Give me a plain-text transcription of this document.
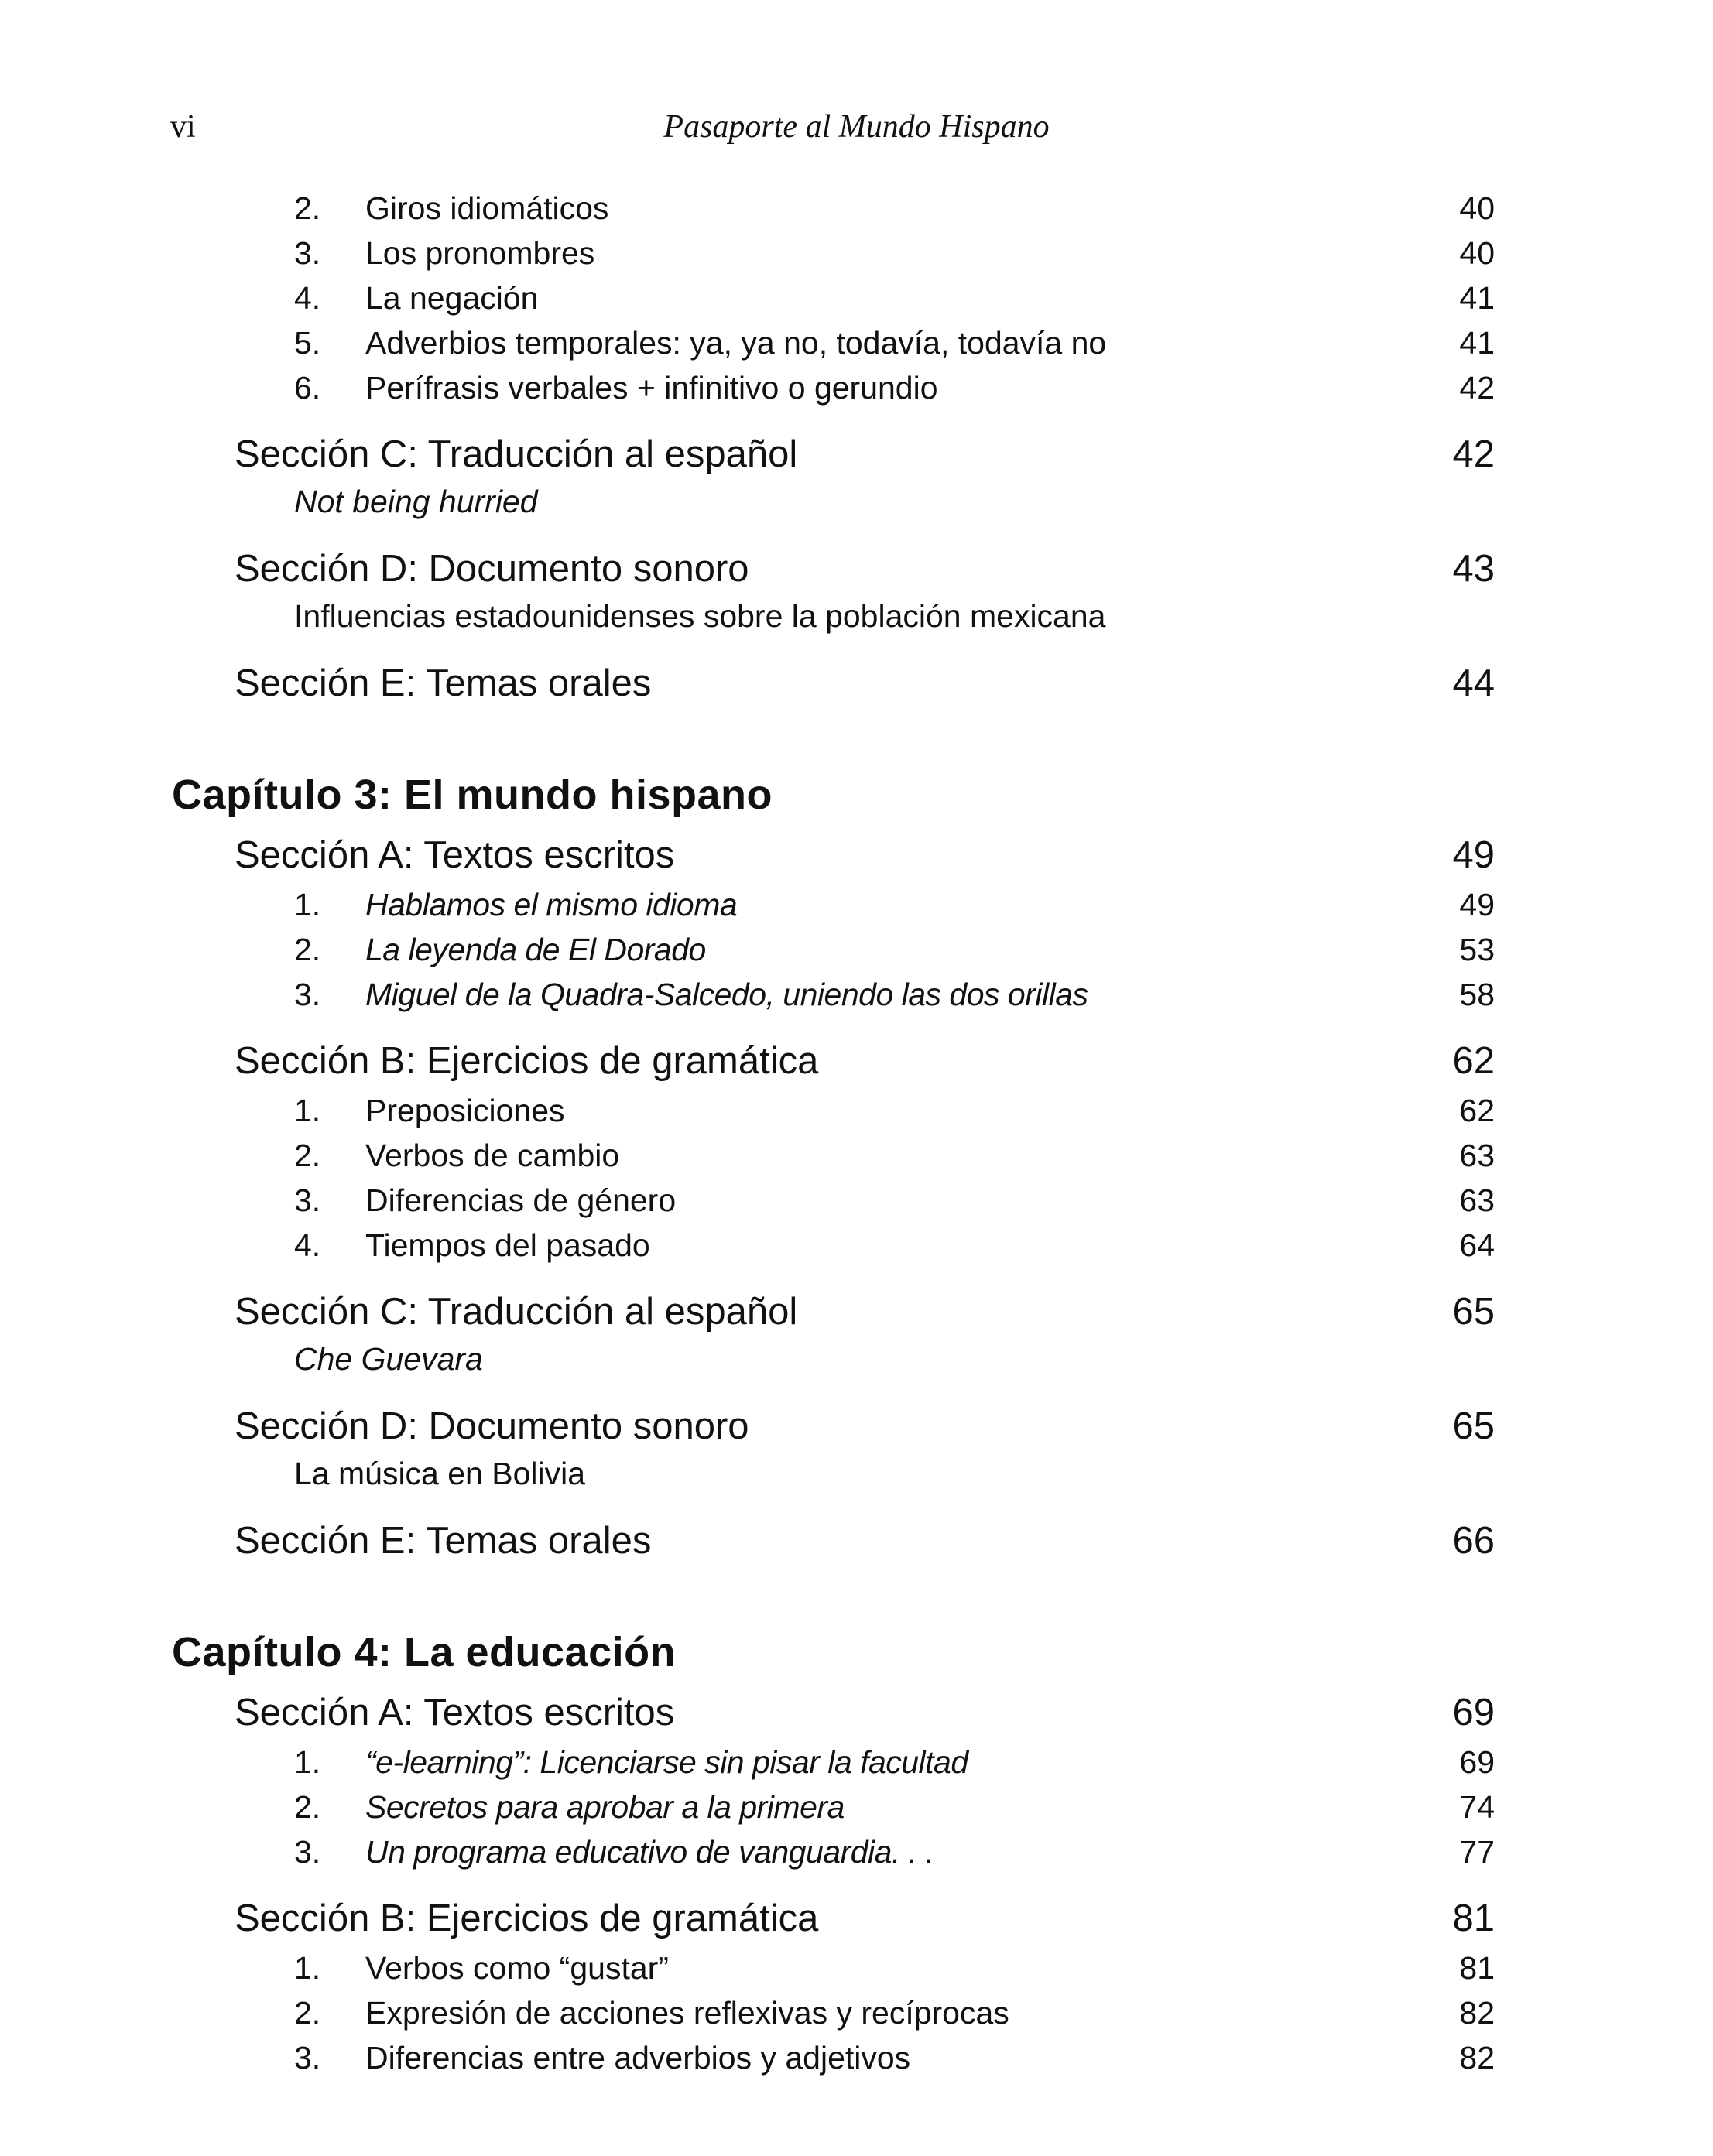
vi	Pasaporte al Mundo Hispano
2. Giros idiomáticos	40
3. Los pronombres	40
4. La negación	41
5. Adverbios temporales: ya, ya no, todavía, todavía no	41
6. Perífrasis verbales + infinitivo o gerundio	42
Sección C: Traducción al español	42
Not being hurried
Sección D: Documento sonoro	43
Influencias estadounidenses sobre la población mexicana
Sección E: Temas orales	44
Capítulo 3: El mundo hispano
Sección A: Textos escritos	49
1. Hablamos el mismo idioma	49
2. La leyenda de El Dorado	53
3. Miguel de la Quadra-Salcedo, uniendo las dos orillas	58
Sección B: Ejercicios de gramática	62
1. Preposiciones	62
2. Verbos de cambio	63
3. Diferencias de género	63
4. Tiempos del pasado	64
Sección C: Traducción al español	65
Che Guevara
Sección D: Documento sonoro	65
La música en Bolivia
Sección E: Temas orales	66
Capítulo 4: La educación
Sección A: Textos escritos	69
1. “e-learning”: Licenciarse sin pisar la facultad	69
2. Secretos para aprobar a la primera	74
3. Un programa educativo de vanguardia. . .	77
Sección B: Ejercicios de gramática	81
1. Verbos como “gustar”	81
2. Expresión de acciones reflexivas y recíprocas	82
3. Diferencias entre adverbios y adjetivos	82
